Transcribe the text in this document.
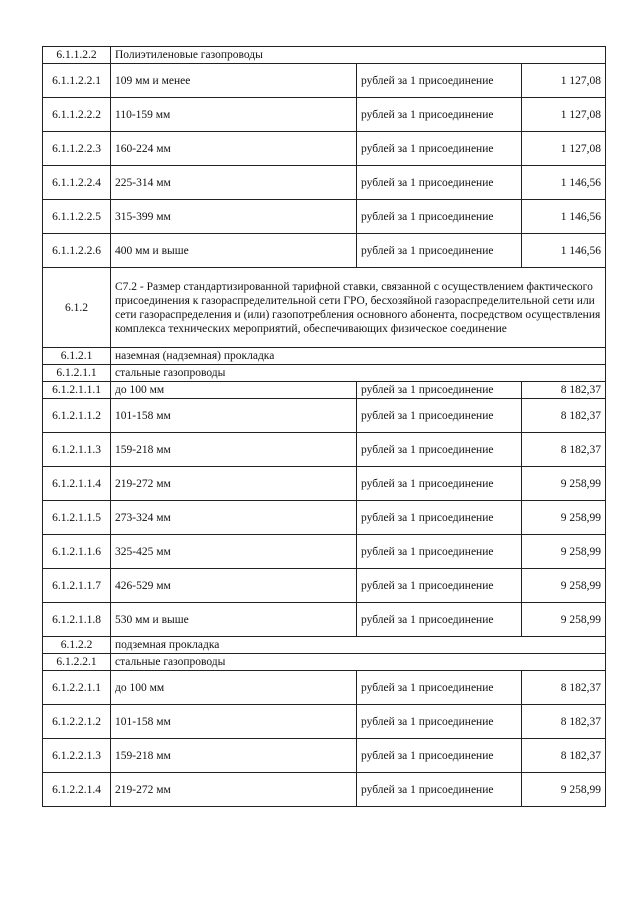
6.1.1.2.2	Полиэтиленовые газопроводы		
6.1.1.2.2.1	109 мм и менее	рублей за 1 присоединение	1 127,08
6.1.1.2.2.2	110-159 мм	рублей за 1 присоединение	1 127,08
6.1.1.2.2.3	160-224 мм	рублей за 1 присоединение	1 127,08
6.1.1.2.2.4	225-314 мм	рублей за 1 присоединение	1 146,56
6.1.1.2.2.5	315-399 мм	рублей за 1 присоединение	1 146,56
6.1.1.2.2.6	400 мм и выше	рублей за 1 присоединение	1 146,56
6.1.2	С7.2 - Размер стандартизированной тарифной ставки, связанной с осуществлением фактического присоединения к газораспределительной сети ГРО, бесхозяйной газораспределительной сети или сети газораспределения и (или) газопотребления основного абонента, посредством осуществления комплекса технических мероприятий, обеспечивающих физическое соединение		
6.1.2.1	наземная (надземная) прокладка		
6.1.2.1.1	стальные газопроводы		
6.1.2.1.1.1	до 100 мм	рублей за 1 присоединение	8 182,37
6.1.2.1.1.2	101-158 мм	рублей за 1 присоединение	8 182,37
6.1.2.1.1.3	159-218 мм	рублей за 1 присоединение	8 182,37
6.1.2.1.1.4	219-272 мм	рублей за 1 присоединение	9 258,99
6.1.2.1.1.5	273-324 мм	рублей за 1 присоединение	9 258,99
6.1.2.1.1.6	325-425 мм	рублей за 1 присоединение	9 258,99
6.1.2.1.1.7	426-529 мм	рублей за 1 присоединение	9 258,99
6.1.2.1.1.8	530 мм и выше	рублей за 1 присоединение	9 258,99
6.1.2.2	подземная прокладка		
6.1.2.2.1	стальные газопроводы		
6.1.2.2.1.1	до 100 мм	рублей за 1 присоединение	8 182,37
6.1.2.2.1.2	101-158 мм	рублей за 1 присоединение	8 182,37
6.1.2.2.1.3	159-218 мм	рублей за 1 присоединение	8 182,37
6.1.2.2.1.4	219-272 мм	рублей за 1 присоединение	9 258,99
